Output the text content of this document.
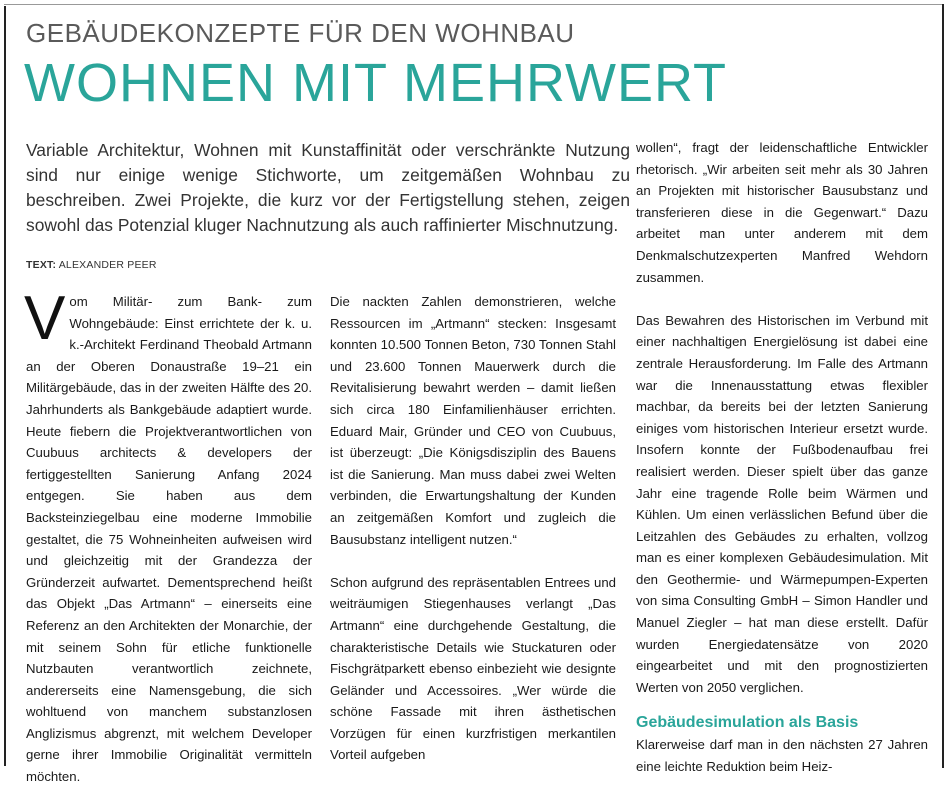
GEBÄUDEKONZEPTE FÜR DEN WOHNBAU
WOHNEN MIT MEHRWERT
Variable Architektur, Wohnen mit Kunstaffinität oder verschränkte Nutzung sind nur einige wenige Stichworte, um zeitgemäßen Wohnbau zu beschreiben. Zwei Projekte, die kurz vor der Fertigstellung stehen, zeigen sowohl das Potenzial kluger Nachnutzung als auch raffinierter Mischnutzung.
TEXT: ALEXANDER PEER
V om Militär- zum Bank- zum Wohngebäude: Einst errichtete der k. u. k.-Architekt Ferdinand Theobald Artmann an der Oberen Donaustraße 19–21 ein Militärgebäude, das in der zweiten Hälfte des 20. Jahrhunderts als Bankgebäude adaptiert wurde. Heute fiebern die Projektverantwortlichen von Cuubuus architects & developers der fertiggestellten Sanierung Anfang 2024 entgegen. Sie haben aus dem Backsteinziegelbau eine moderne Immobilie gestaltet, die 75 Wohneinheiten aufweisen wird und gleichzeitig mit der Grandezza der Gründerzeit aufwartet. Dementsprechend heißt das Objekt „Das Artmann“ – einerseits eine Referenz an den Architekten der Monarchie, der mit seinem Sohn für etliche funktionelle Nutzbauten verantwortlich zeichnete, andererseits eine Namensgebung, die sich wohltuend von manchem substanzlosen Anglizismus abgrenzt, mit welchem Developer gerne ihrer Immobilie Originalität vermitteln möchten.

Die nackten Zahlen demonstrieren, welche Ressourcen im „Artmann“ stecken: Insgesamt konnten 10.500 Tonnen Beton, 730 Tonnen Stahl und 23.600 Tonnen Mauerwerk durch die Revitalisierung bewahrt werden – damit ließen sich circa 180 Einfamilienhäuser errichten. Eduard Mair, Gründer und CEO von Cuubuus, ist überzeugt: „Die Königsdisziplin des Bauens ist die Sanierung. Man muss dabei zwei Welten verbinden, die Erwartungshaltung der Kunden an zeitgemäßen Komfort und zugleich die Bausubstanz intelligent nutzen.“

Schon aufgrund des repräsentablen Entrees und weiträumigen Stiegenhauses verlangt „Das Artmann“ eine durchgehende Gestaltung, die charakteristische Details wie Stuckaturen oder Fischgrätparkett ebenso einbezieht wie designte Geländer und Accessoires. „Wer würde die schöne Fassade mit ihren ästhetischen Vorzügen für einen kurzfristigen merkantilen Vorteil aufgeben

wollen“, fragt der leidenschaftliche Entwickler rhetorisch. „Wir arbeiten seit mehr als 30 Jahren an Projekten mit historischer Bausubstanz und transferieren diese in die Gegenwart.“ Dazu arbeitet man unter anderem mit dem Denkmalschutzexperten Manfred Wehdorn zusammen.

Das Bewahren des Historischen im Verbund mit einer nachhaltigen Energielösung ist dabei eine zentrale Herausforderung. Im Falle des Artmann war die Innenausstattung etwas flexibler machbar, da bereits bei der letzten Sanierung einiges vom historischen Interieur ersetzt wurde. Insofern konnte der Fußbodenaufbau frei realisiert werden. Dieser spielt über das ganze Jahr eine tragende Rolle beim Wärmen und Kühlen. Um einen verlässlichen Befund über die Leitzahlen des Gebäudes zu erhalten, vollzog man es einer komplexen Gebäudesimulation. Mit den Geothermie- und Wärmepumpen-Experten von sima Consulting GmbH – Simon Handler und Manuel Ziegler – hat man diese erstellt. Dafür wurden Energiedatensätze von 2020 eingearbeitet und mit den prognostizierten Werten von 2050 verglichen.

Gebäudesimulation als Basis

Klarerweise darf man in den nächsten 27 Jahren eine leichte Reduktion beim Heiz-
